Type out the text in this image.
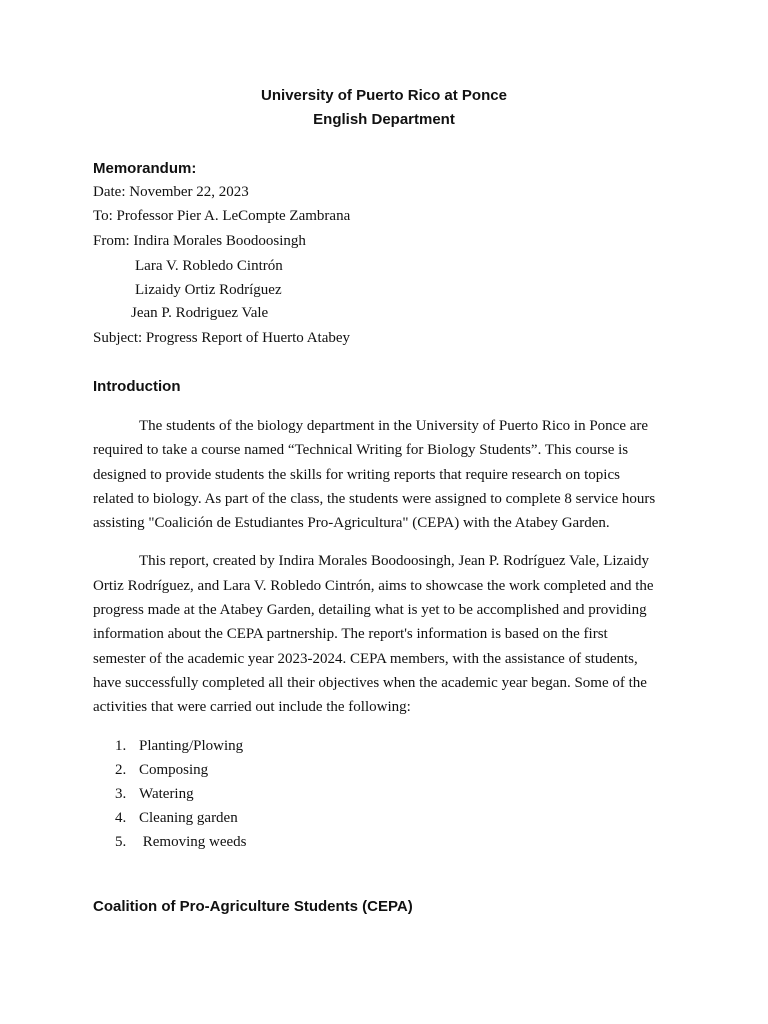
University of Puerto Rico at Ponce
English Department
Memorandum:
Date: November 22, 2023
To: Professor Pier A. LeCompte Zambrana
From: Indira Morales Boodoosingh
Lara V. Robledo Cintrón
Lizaidy Ortiz Rodríguez
Jean P. Rodriguez Vale
Subject: Progress Report of Huerto Atabey
Introduction
The students of the biology department in the University of Puerto Rico in Ponce are
required to take a course named “Technical Writing for Biology Students”. This course is
designed to provide students the skills for writing reports that require research on topics
related to biology. As part of the class, the students were assigned to complete 8 service hours
assisting "Coalición de Estudiantes Pro-Agricultura" (CEPA) with the Atabey Garden.
This report, created by Indira Morales Boodoosingh, Jean P. Rodríguez Vale, Lizaidy
Ortiz Rodríguez, and Lara V. Robledo Cintrón, aims to showcase the work completed and the
progress made at the Atabey Garden, detailing what is yet to be accomplished and providing
information about the CEPA partnership. The report's information is based on the first
semester of the academic year 2023-2024. CEPA members, with the assistance of students,
have successfully completed all their objectives when the academic year began. Some of the
activities that were carried out include the following:
1. Planting/Plowing
2. Composing
3. Watering
4. Cleaning garden
5. Removing weeds
Coalition of Pro-Agriculture Students (CEPA)
